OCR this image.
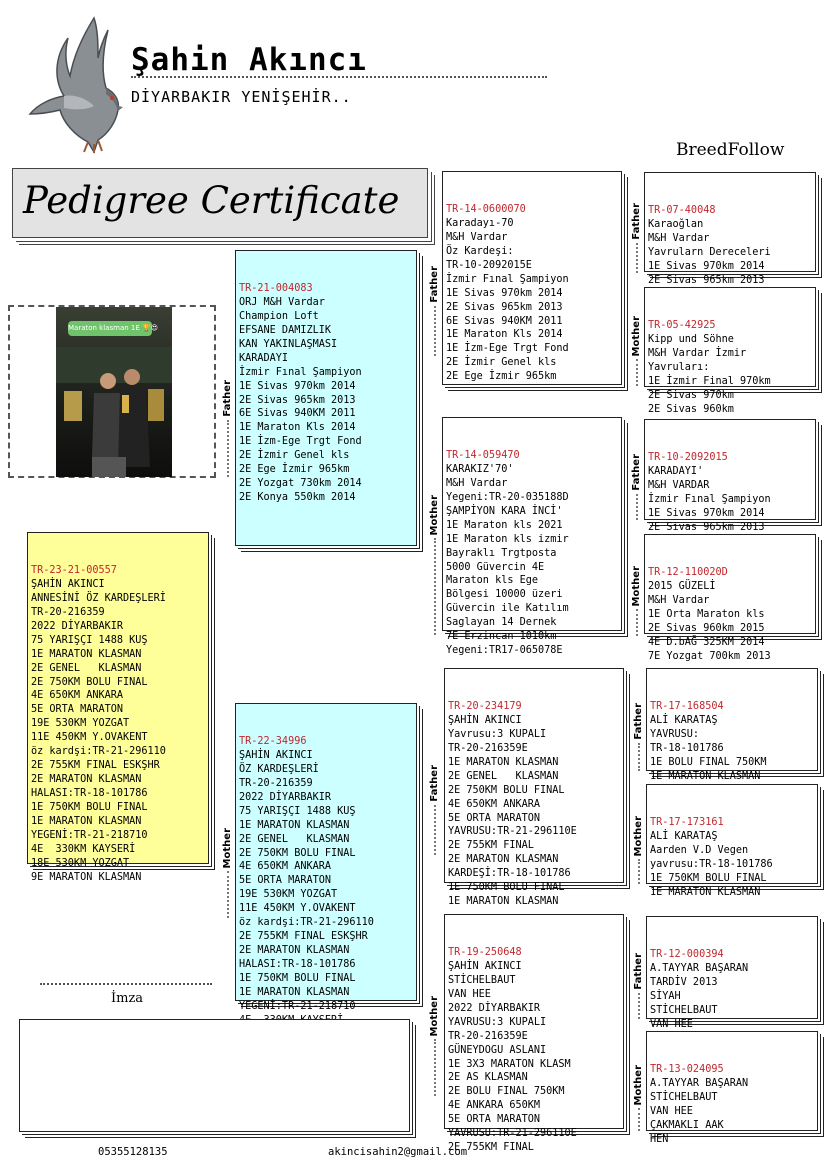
Şahin Akıncı
DİYARBAKIR YENİŞEHİR..
BreedFollow
Pedigree Certificate
Maraton klasman 1E 🏆😍

TR-23-21-00557
ŞAHİN AKINCI
ANNESİNİ ÖZ KARDEŞLERİ
TR-20-216359
2022 DİYARBAKIR
75 YARIŞÇI 1488 KUŞ
1E MARATON KLASMAN
2E GENEL   KLASMAN
2E 750KM BOLU FINAL
4E 650KM ANKARA
5E ORTA MARATON
19E 530KM YOZGAT
11E 450KM Y.OVAKENT
öz kardşi:TR-21-296110
2E 755KM FINAL ESKŞHR
2E MARATON KLASMAN
HALASI:TR-18-101786
1E 750KM BOLU FINAL
1E MARATON KLASMAN
YEGENİ:TR-21-218710
4E  330KM KAYSERİ
18E 530KM YOZGAT
9E MARATON KLASMAN

Father

TR-21-004083
ORJ M&H Vardar
Champion Loft
EFSANE DAMIZLIK
KAN YAKINLAŞMASI
KARADAYI
İzmir Fınal Şampiyon
1E Sivas 970km 2014
2E Sivas 965km 2013
6E Sivas 940KM 2011
1E Maraton Kls 2014
1E İzm-Ege Trgt Fond
2E İzmir Genel kls
2E Ege İzmir 965km
2E Yozgat 730km 2014
2E Konya 550km 2014

Mother

TR-22-34996
ŞAHİN AKINCI
ÖZ KARDEŞLERİ
TR-20-216359
2022 DİYARBAKIR
75 YARIŞÇI 1488 KUŞ
1E MARATON KLASMAN
2E GENEL   KLASMAN
2E 750KM BOLU FINAL
4E 650KM ANKARA
5E ORTA MARATON
19E 530KM YOZGAT
11E 450KM Y.OVAKENT
öz kardşi:TR-21-296110
2E 755KM FINAL ESKŞHR
2E MARATON KLASMAN
HALASI:TR-18-101786
1E 750KM BOLU FINAL
1E MARATON KLASMAN
YEGENİ:TR-21-218710

Father

TR-14-0600070
Karadayı-70
M&H Vardar
Öz Kardeşi:
TR-10-2092015E
İzmir Fınal Şampiyon
1E Sivas 970km 2014
2E Sivas 965km 2013
6E Sivas 940KM 2011
1E Maraton Kls 2014
1E İzm-Ege Trgt Fond
2E İzmir Genel kls
2E Ege İzmir 965km

Mother

TR-14-059470
KARAKIZ'70'
M&H Vardar
Yegeni:TR-20-035188D
ŞAMPİYON KARA İNCİ'
1E Maraton kls 2021
1E Maraton kls izmir
Bayraklı Trgtposta
5000 Güvercin 4E
Maraton kls Ege
Bölgesi 10000 üzeri
Güvercin ile Katılım
Saglayan 14 Dernek
7E Erzincan 1010km
Yegeni:TR17-065078E

Father

TR-20-234179
ŞAHİN AKINCI
Yavrusu:3 KUPALI
TR-20-216359E
1E MARATON KLASMAN
2E GENEL   KLASMAN
2E 750KM BOLU FINAL
4E 650KM ANKARA
5E ORTA MARATON
YAVRUSU:TR-21-296110E
2E 755KM FINAL
2E MARATON KLASMAN
KARDEŞİ:TR-18-101786
1E 750KM BOLU FINAL
1E MARATON KLASMAN

Mother

TR-19-250648
ŞAHİN AKINCI
STİCHELBAUT
VAN HEE
2022 DİYARBAKIR
YAVRUSU:3 KUPALI
TR-20-216359E
GÜNEYDOGU ASLANI
1E 3X3 MARATON KLASM
2E AS KLASMAN
2E BOLU FINAL 750KM
4E ANKARA 650KM
5E ORTA MARATON
YAVRUSU:TR-21-296110E
2E 755KM FINAL

Father

TR-07-40048
Karaoğlan
M&H Vardar
Yavrularn Dereceleri
1E Sivas 970km 2014
2E Sivas 965km 2013

Mother

TR-05-42925
Kipp und Söhne
M&H Vardar İzmir
Yavruları:
1E İzmir Final 970km
2E Sivas 970km
2E Sivas 960km

Father

TR-10-2092015
KARADAYI'
M&H VARDAR
İzmir Fınal Şampiyon
1E Sivas 970km 2014
2E Sivas 965km 2013

Mother

TR-12-110020D
2015 GÜZELİ
M&H Vardar
1E Orta Maraton kls
2E Sivas 960km 2015
4E D.bAĞ 325KM 2014
7E Yozgat 700km 2013

Father

TR-17-168504
ALİ KARATAŞ
YAVRUSU:
TR-18-101786
1E BOLU FINAL 750KM
1E MARATON KLASMAN

Mother

TR-17-173161
ALİ KARATAŞ
Aarden V.D Vegen
yavrusu:TR-18-101786
1E 750KM BOLU FINAL
1E MARATON KLASMAN

Father

TR-12-000394
A.TAYYAR BAŞARAN
TARDİV 2013
SİYAH
STİCHELBAUT
VAN HEE

Mother

TR-13-024095
A.TAYYAR BAŞARAN
STİCHELBAUT
VAN HEE
ÇAKMAKLI AAK
HEN

İmza
05355128135	akincisahin2@gmail.com
